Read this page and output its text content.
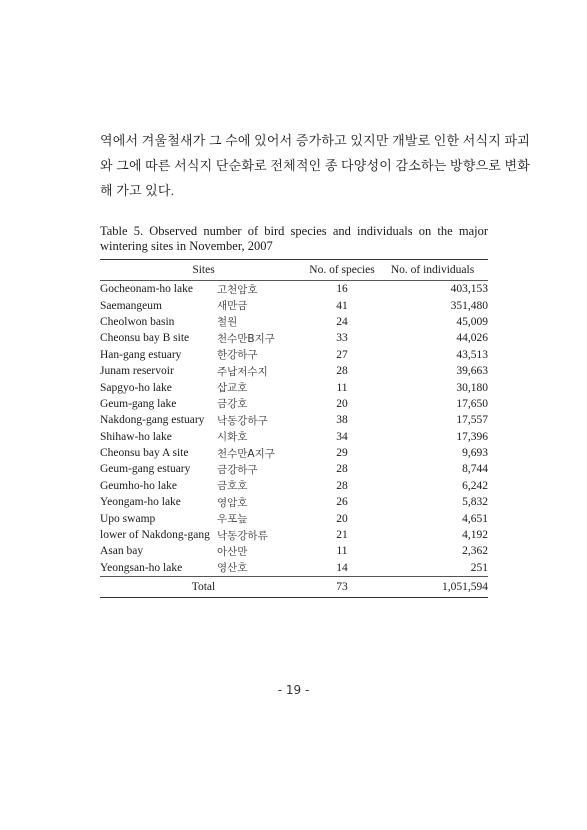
역에서 겨울철새가 그 수에 있어서 증가하고 있지만 개발로 인한 서식지 파괴
와 그에 따른 서식지 단순화로 전체적인 종 다양성이 감소하는 방향으로 변화
해 가고 있다.
Table 5. Observed number of bird species and individuals on the major
wintering sites in November, 2007
Sites		No. of species	No. of individuals
Gocheonam-ho lake	고천암호	16	403,153
Saemangeum	새만금	41	351,480
Cheolwon basin	철원	24	45,009
Cheonsu bay B site	천수만B지구	33	44,026
Han-gang estuary	한강하구	27	43,513
Junam reservoir	주남저수지	28	39,663
Sapgyo-ho lake	삽교호	11	30,180
Geum-gang lake	금강호	20	17,650
Nakdong-gang estuary	낙동강하구	38	17,557
Shihaw-ho lake	시화호	34	17,396
Cheonsu bay A site	천수만A지구	29	9,693
Geum-gang estuary	금강하구	28	8,744
Geumho-ho lake	금호호	28	6,242
Yeongam-ho lake	영암호	26	5,832
Upo swamp	우포늪	20	4,651
lower of Nakdong-gang	낙동강하류	21	4,192
Asan bay	아산만	11	2,362
Yeongsan-ho lake	영산호	14	251
Total		73	1,051,594
- 19 -
